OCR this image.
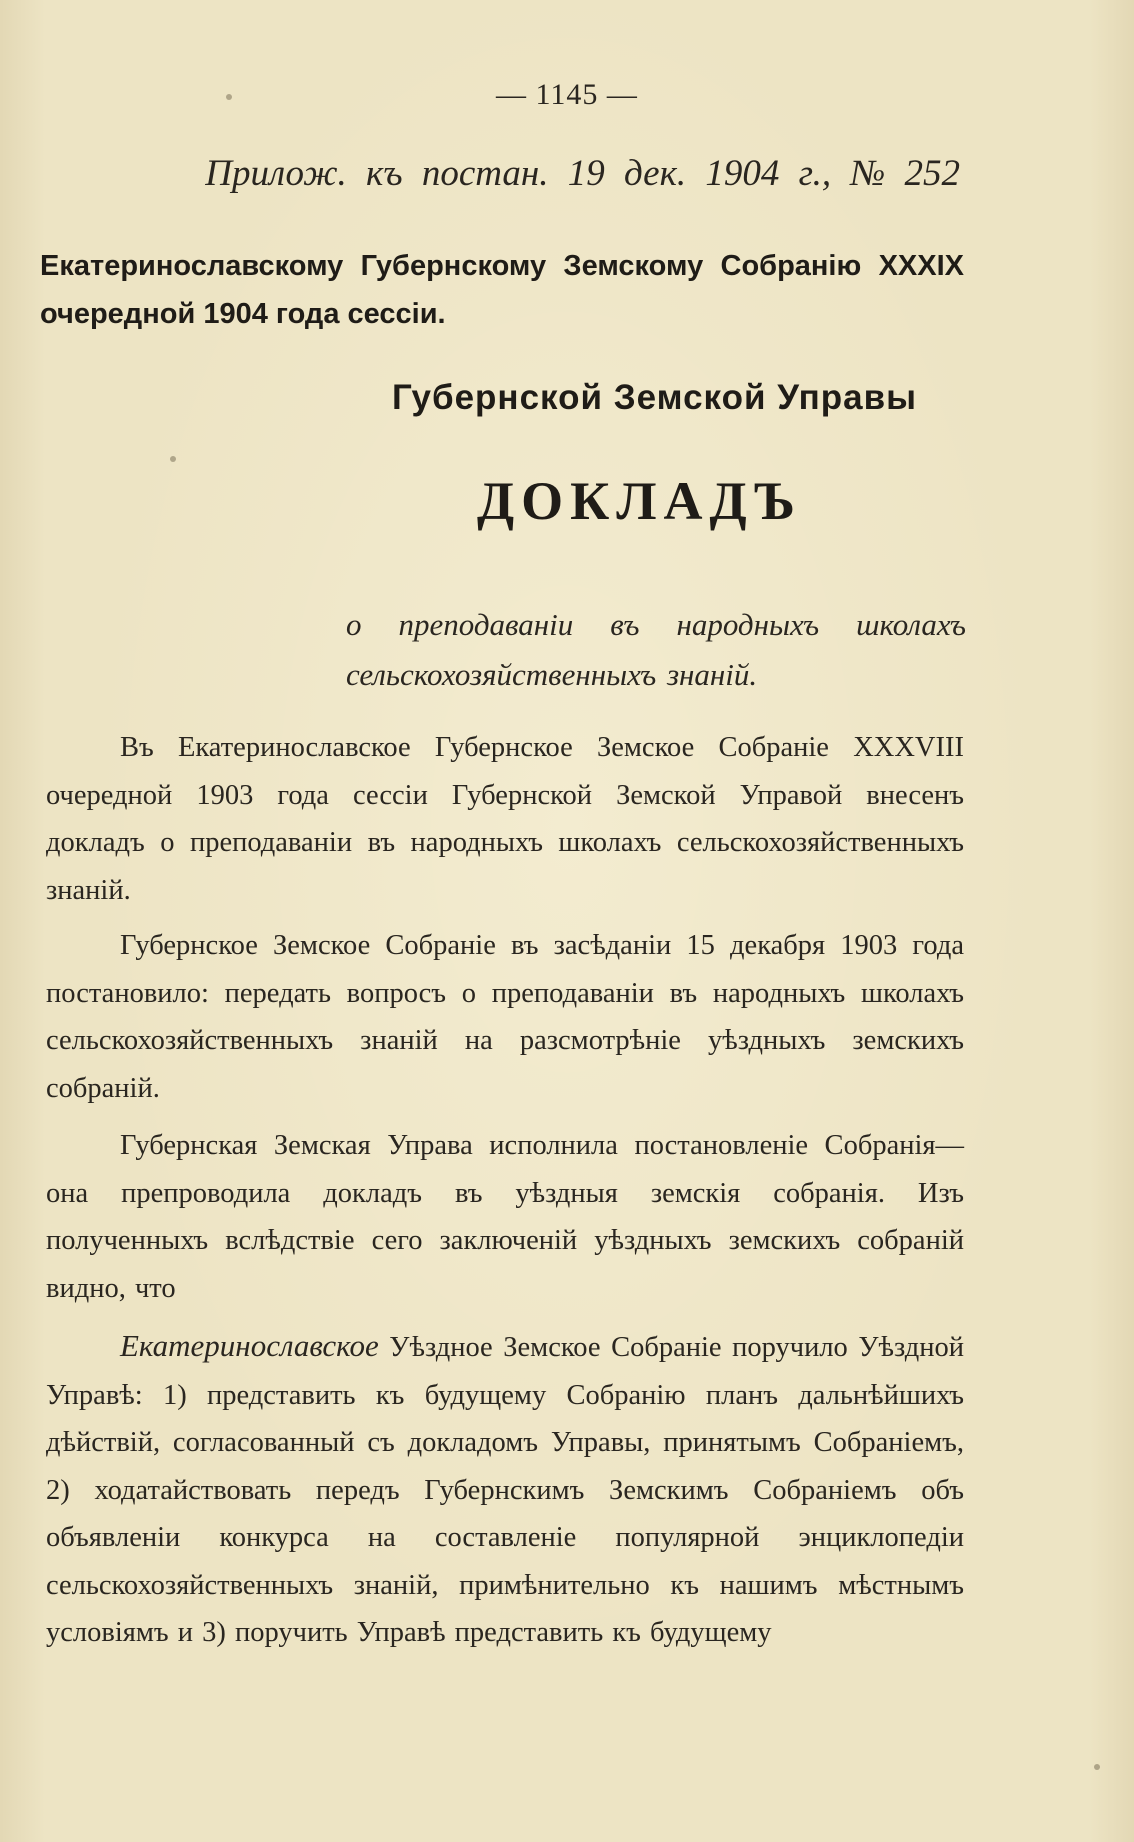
— 1145 —
Прилож. къ постан. 19 дек. 1904 г., № 252
Екатеринославскому Губернскому Земскому Собранію XXXIX очередной 1904 года сессіи.
Губернской Земской Управы
ДОКЛАДЪ
о преподаваніи въ народныхъ школахъ сельскохозяйственныхъ знаній.
Въ Екатеринославское Губернское Земское Собраніе XXXVIII очередной 1903 года сессіи Губернской Земской Управой внесенъ докладъ о преподаваніи въ народныхъ школахъ сельскохозяйственныхъ знаній.
Губернское Земское Собраніе въ засѣданіи 15 декабря 1903 года постановило: передать вопросъ о преподаваніи въ народныхъ школахъ сельскохозяйственныхъ знаній на разсмотрѣніе уѣздныхъ земскихъ собраній.
Губернская Земская Управа исполнила постановленіе Собранія—она препроводила докладъ въ уѣздныя земскія собранія. Изъ полученныхъ вслѣдствіе сего заключеній уѣздныхъ земскихъ собраній видно, что
Екатеринославское Уѣздное Земское Собраніе поручило Уѣздной Управѣ: 1) представить къ будущему Собранію планъ дальнѣйшихъ дѣйствій, согласованный съ докладомъ Управы, принятымъ Собраніемъ, 2) ходатайствовать передъ Губернскимъ Земскимъ Собраніемъ объ объявленіи конкурса на составленіе популярной энциклопедіи сельскохозяйственныхъ знаній, примѣнительно къ нашимъ мѣстнымъ условіямъ и 3) поручить Управѣ представить къ будущему
